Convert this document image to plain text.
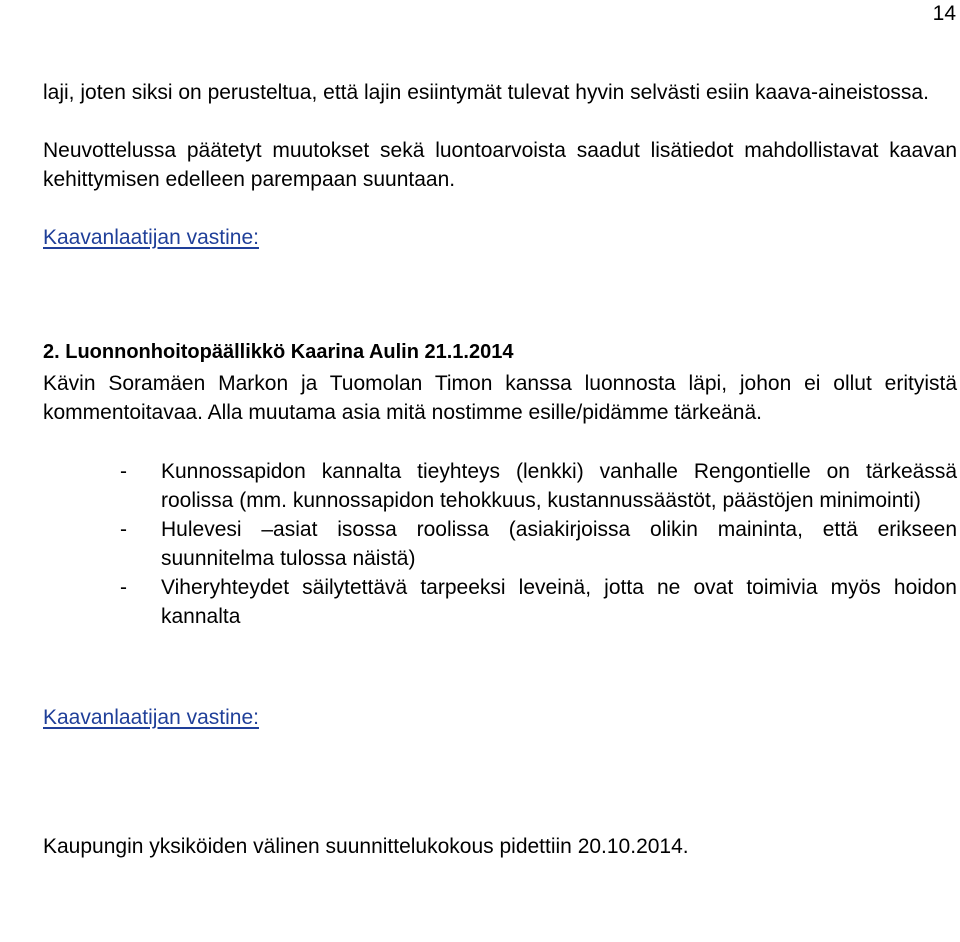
14

laji, joten siksi on perusteltua, että lajin esiintymät tulevat hyvin selvästi esiin kaava-aineistossa.

Neuvottelussa päätetyt muutokset sekä luontoarvoista saadut lisätiedot mahdollistavat kaavan kehittymisen edelleen parempaan suuntaan.

Kaavanlaatijan vastine:

2. Luonnonhoitopäällikkö Kaarina Aulin 21.1.2014

Kävin Soramäen Markon ja Tuomolan Timon kanssa luonnosta läpi, johon ei ollut erityistä kommentoitavaa. Alla muutama asia mitä nostimme esille/pidämme tärkeänä.

- Kunnossapidon kannalta tieyhteys (lenkki) vanhalle Rengontielle on tärkeässä roolissa (mm. kunnossapidon tehokkuus, kustannussäästöt, päästöjen minimointi)
- Hulevesi –asiat isossa roolissa (asiakirjoissa olikin maininta, että erikseen suunnitelma tulossa näistä)
- Viheryhteydet säilytettävä tarpeeksi leveinä, jotta ne ovat toimivia myös hoidon kannalta

Kaavanlaatijan vastine:

Kaupungin yksiköiden välinen suunnittelukokous pidettiin 20.10.2014.
